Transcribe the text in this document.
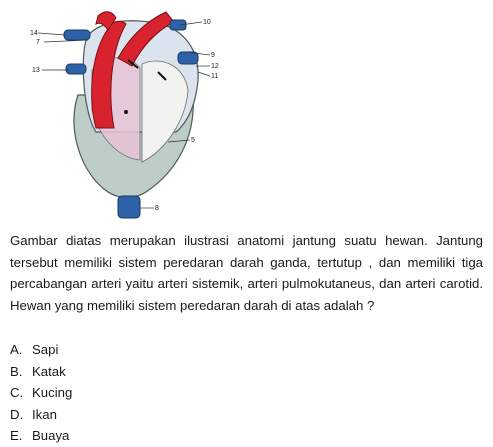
14
7
13
10
9
12
11
5
8

Gambar diatas merupakan ilustrasi anatomi jantung suatu hewan. Jantung tersebut memiliki sistem peredaran darah ganda, tertutup , dan memiliki tiga percabangan arteri yaitu arteri sistemik, arteri pulmokutaneus, dan arteri carotid. Hewan yang memiliki sistem peredaran darah di atas adalah ?

A. Sapi
B. Katak
C. Kucing
D. Ikan
E. Buaya
